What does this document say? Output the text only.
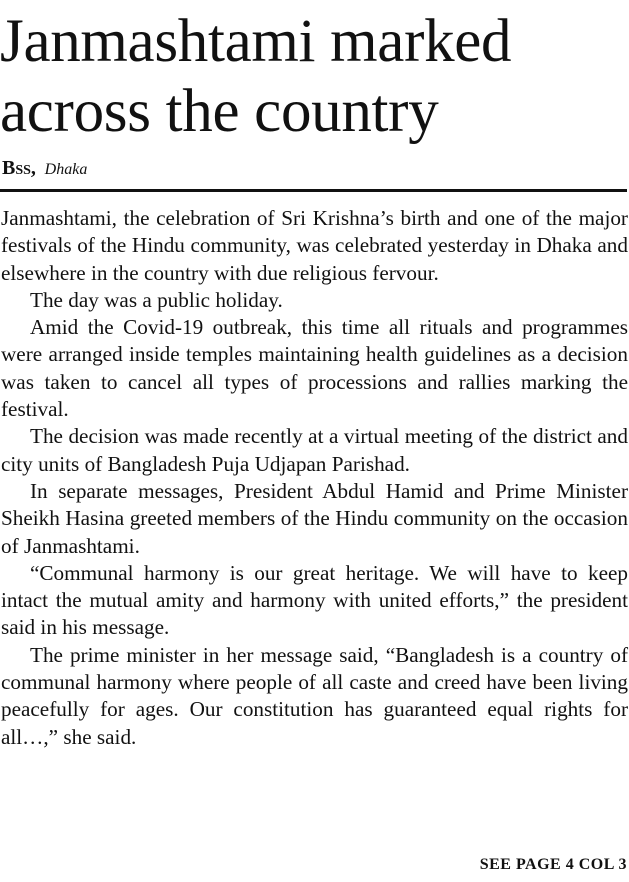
Janmashtami marked
across the country
Bss, Dhaka

Janmashtami, the celebration of Sri Krishna’s birth and one of the major festivals of the Hindu community, was celebrated yesterday in Dhaka and elsewhere in the country with due religious fervour.

The day was a public holiday.

Amid the Covid-19 outbreak, this time all rituals and programmes were arranged inside temples maintaining health guidelines as a decision was taken to cancel all types of processions and rallies marking the festival.

The decision was made recently at a virtual meeting of the district and city units of Bangladesh Puja Udjapan Parishad.

In separate messages, President Abdul Hamid and Prime Minister Sheikh Hasina greeted members of the Hindu community on the occasion of Janmashtami.

“Communal harmony is our great heritage. We will have to keep intact the mutual amity and harmony with united efforts,” the president said in his message.

The prime minister in her message said, “Bangladesh is a country of communal harmony where people of all caste and creed have been living peacefully for ages. Our constitution has guaranteed equal rights for all…,” she said.

SEE PAGE 4 COL 3
